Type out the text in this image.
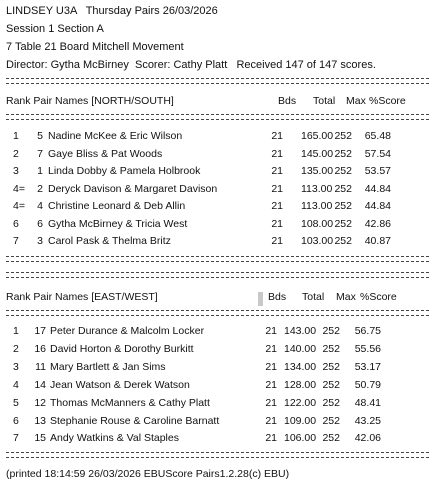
LINDSEY U3A   Thursday Pairs 26/03/2026
Session 1 Section A
7 Table 21 Board Mitchell Movement
Director: Gytha McBirney  Scorer: Cathy Platt   Received 147 of 147 scores.
Rank Pair Names [NORTH/SOUTH]	Bds Total Max %Score
1	5 Nadine McKee & Eric Wilson	21 165.00 252	65.48
2	7 Gaye Bliss & Pat Woods	21 145.00 252	57.54
3	1 Linda Dobby & Pamela Holbrook	21 135.00 252	53.57
4=	2 Deryck Davison & Margaret Davison	21 113.00 252	44.84
4=	4 Christine Leonard & Deb Allin	21 113.00 252	44.84
6	6 Gytha McBirney & Tricia West	21 108.00 252	42.86
7	3 Carol Pask & Thelma Britz	21 103.00 252	40.87
Rank Pair Names [EAST/WEST]	Bds Total Max %Score
1	17 Peter Durance & Malcolm Locker	21 143.00 252	56.75
2	16 David Horton & Dorothy Burkitt	21 140.00 252	55.56
3	11 Mary Bartlett & Jan Sims	21 134.00 252	53.17
4	14 Jean Watson & Derek Watson	21 128.00 252	50.79
5	12 Thomas McManners & Cathy Platt	21 122.00 252	48.41
6	13 Stephanie Rouse & Caroline Barnatt	21 109.00 252	43.25
7	15 Andy Watkins & Val Staples	21 106.00 252	42.06
(printed 18:14:59 26/03/2026 EBUScore Pairs1.2.28(c) EBU)
